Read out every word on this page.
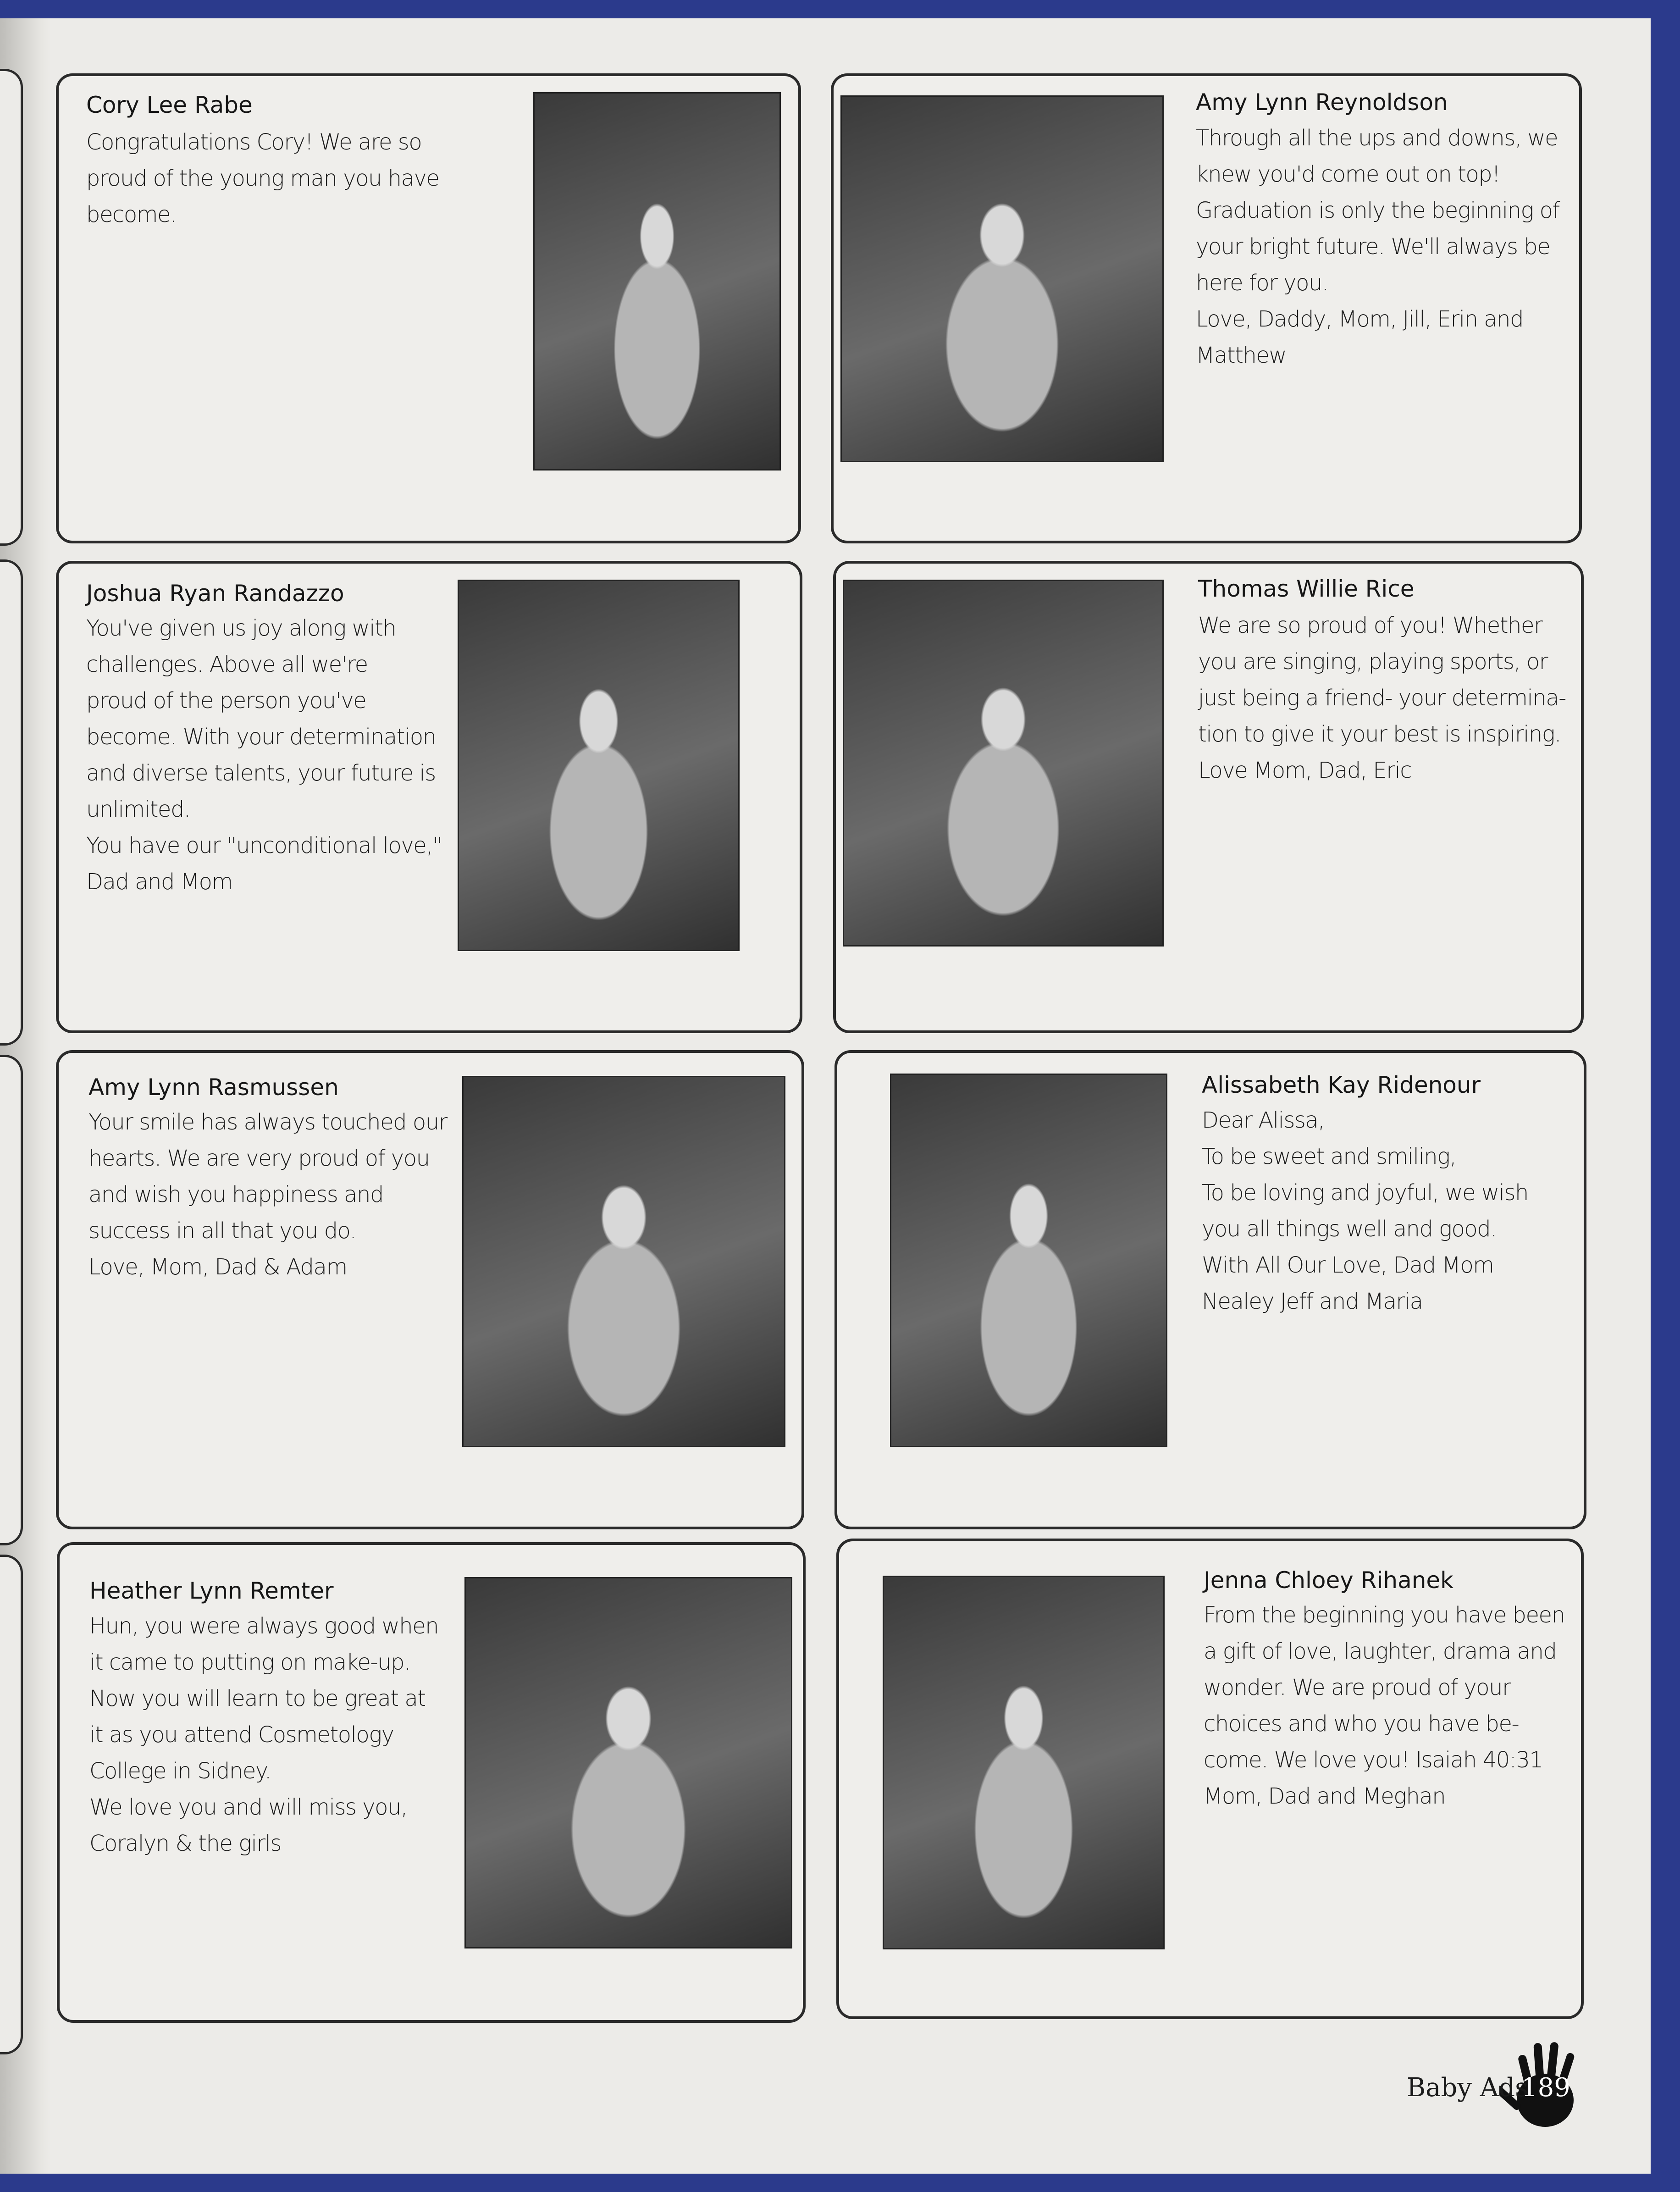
Cory Lee Rabe
Congratulations Cory! We are so
proud of the young man you have
become.
Amy Lynn Reynoldson
Through all the ups and downs, we
knew you'd come out on top!
Graduation is only the beginning of
your bright future. We'll always be
here for you.
Love, Daddy, Mom, Jill, Erin and
Matthew
Joshua Ryan Randazzo
You've given us joy along with
challenges. Above all we're
proud of the person you've
become. With your determination
and diverse talents, your future is
unlimited.
You have our "unconditional love,"
Dad and Mom
Thomas Willie Rice
We are so proud of you! Whether
you are singing, playing sports, or
just being a friend- your determina-
tion to give it your best is inspiring.
Love Mom, Dad, Eric
Amy Lynn Rasmussen
Your smile has always touched our
hearts. We are very proud of you
and wish you happiness and
success in all that you do.
Love, Mom, Dad & Adam
Alissabeth Kay Ridenour
Dear Alissa,
To be sweet and smiling,
To be loving and joyful, we wish
you all things well and good.
With All Our Love, Dad Mom
Nealey Jeff and Maria
Heather Lynn Remter
Hun, you were always good when
it came to putting on make-up.
Now you will learn to be great at
it as you attend Cosmetology
College in Sidney.
We love you and will miss you,
Coralyn & the girls
Jenna Chloey Rihanek
From the beginning you have been
a gift of love, laughter, drama and
wonder. We are proud of your
choices and who you have be-
come. We love you! Isaiah 40:31
Mom, Dad and Meghan
Baby Ads
189
